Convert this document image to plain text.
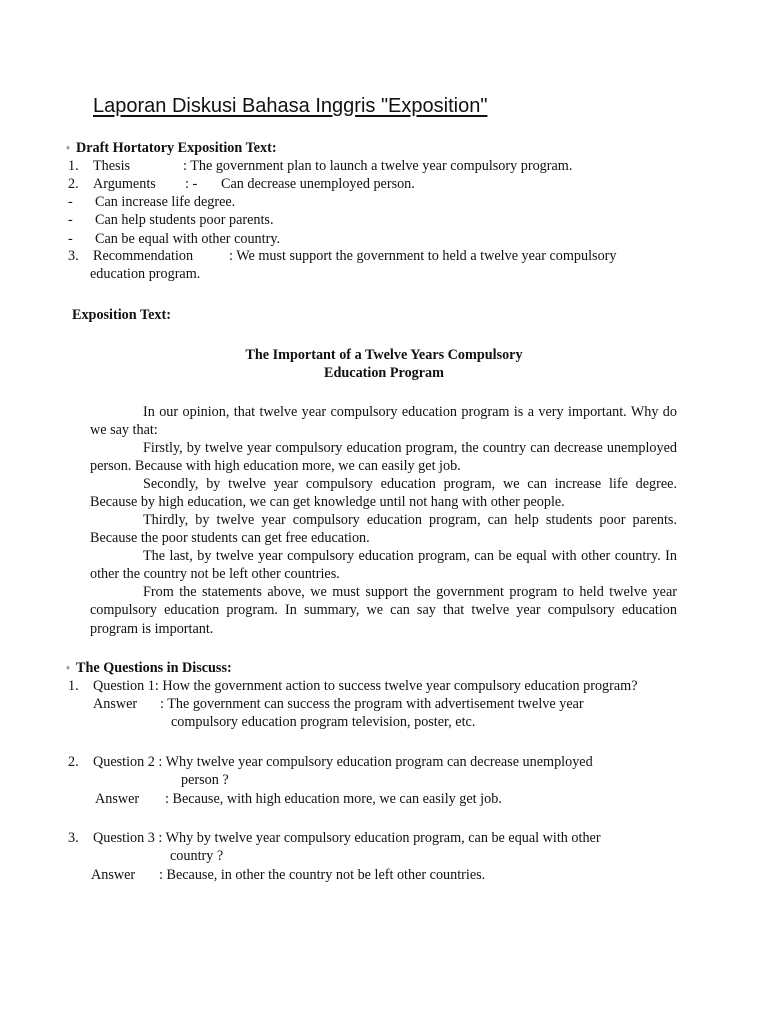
Laporan Diskusi Bahasa Inggris "Exposition"
♦ Draft Hortatory Exposition Text:
1. Thesis	: The government plan to launch a twelve year compulsory program.
2. Arguments : - Can decrease unemployed person.
- Can increase life degree.
- Can help students poor parents.
- Can be equal with other country.
3. Recommendation	: We must support the government to held a twelve year compulsory
education program.
Exposition Text:
The Important of a Twelve Years Compulsory
Education Program
In our opinion, that twelve year compulsory education program is a very important. Why do we say that:
Firstly, by twelve year compulsory education program, the country can decrease unemployed person. Because with high education more, we can easily get job.
Secondly, by twelve year compulsory education program, we can increase life degree. Because by high education, we can get knowledge until not hang with other people.
Thirdly, by twelve year compulsory education program, can help students poor parents. Because the poor students can get free education.
The last, by twelve year compulsory education program, can be equal with other country. In other the country not be left other countries.
From the statements above, we must support the government program to held twelve year compulsory education program. In summary, we can say that twelve year compulsory education program is important.
♦ The Questions in Discuss:
1. Question 1: How the government action to success twelve year compulsory education program?
Answer : The government can success the program with advertisement twelve year
compulsory education program television, poster, etc.
2. Question 2 : Why twelve year compulsory education program can decrease unemployed
person ?
Answer : Because, with high education more, we can easily get job.
3. Question 3 : Why by twelve year compulsory education program, can be equal with other
country ?
Answer : Because, in other the country not be left other countries.
